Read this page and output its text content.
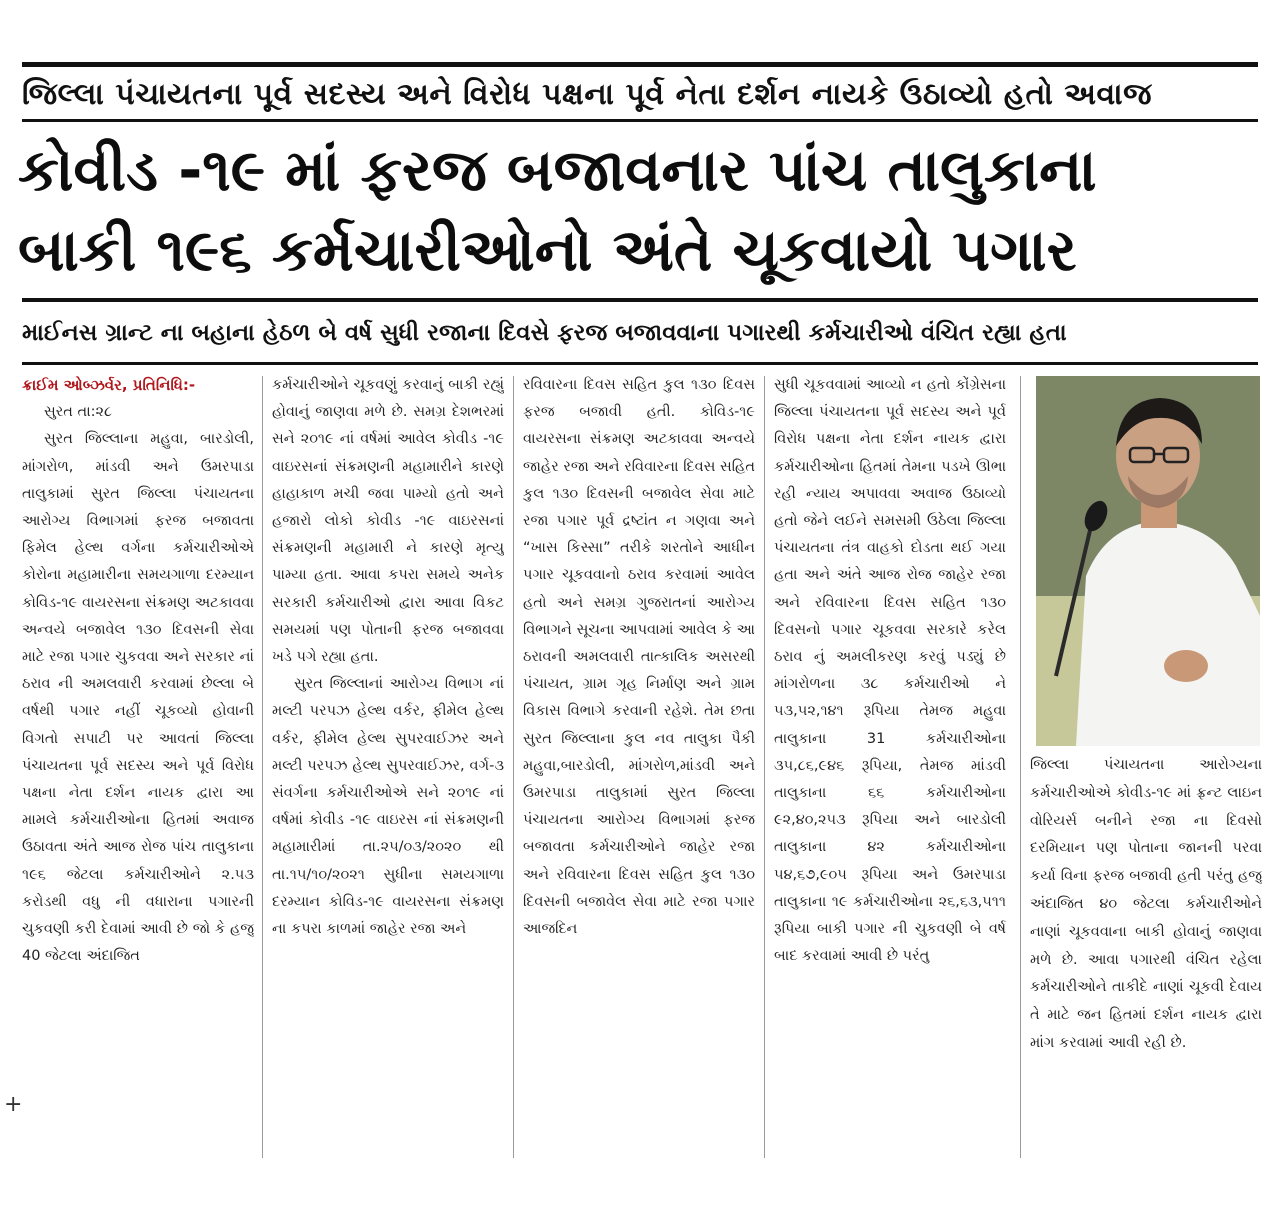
જિલ્લા પંચાયતના પૂર્વ સદસ્ય અને વિરોધ પક્ષના પૂર્વ નેતા દર્શન નાયકે ઉઠાવ્યો હતો અવાજ
કોવીડ -૧૯ માં ફરજ બજાવનાર પાંચ તાલુકાના
બાકી ૧૯૬ કર્મચારીઓનો અંતે ચૂકવાયો પગાર
માઈનસ ગ્રાન્ટ ના બહાના હેઠળ બે વર્ષ સુધી રજાના દિવસે ફરજ બજાવવાના પગારથી કર્મચારીઓ વંચિત રહ્યા હતા

ક્રાઈમ ઓબ્ઝર્વર, પ્રતિનિધિ:-

સુરત તા:૨૮

સુરત જિલ્લાના મહુવા, બારડોલી, માંગરોળ, માંડવી અને ઉમરપાડા તાલુકામાં સુરત જિલ્લા પંચાયતના આરોગ્ય વિભાગમાં ફરજ બજાવતા ફિમેલ હેલ્થ વર્ગના કર્મચારીઓએ કોરોના મહામારીના સમયગાળા દરમ્યાન કોવિડ-૧૯ વાયરસના સંક્રમણ અટકાવવા અન્વયે બજાવેલ ૧૩૦ દિવસની સેવા માટે રજા પગાર ચુકવવા અને સરકાર નાં ઠરાવ ની અમલવારી કરવામાં છેલ્લા બે વર્ષથી પગાર નહીં ચૂકવ્યો હોવાની વિગતો સપાટી પર આવતાં જિલ્લા પંચાયતના પૂર્વ સદસ્ય અને પૂર્વ વિરોધ પક્ષના નેતા દર્શન નાયક દ્વારા આ મામલે કર્મચારીઓના હિતમાં અવાજ ઉઠાવતા અંતે આજ રોજ પાંચ તાલુકાના ૧૯૬ જેટલા કર્મચારીઓને ૨.૫૩ કરોડથી વધુ ની વધારાના પગારની ચુકવણી કરી દેવામાં આવી છે જો કે હજુ 40 જેટલા અંદાજિત

કર્મચારીઓને ચૂકવણું કરવાનું બાકી રહ્યું હોવાનું જાણવા મળે છે. સમગ્ર દેશભરમાં સને ૨૦૧૯ નાં વર્ષમાં આવેલ કોવીડ -૧૯ વાઇરસનાં સંક્રમણની મહામારીને કારણે હાહાકાળ મચી જવા પામ્યો હતો અને હજારો લોકો કોવીડ -૧૯ વાઇરસનાં સંક્રમણની મહામારી ને કારણે મૃત્યુ પામ્યા હતા. આવા કપરા સમયે અનેક સરકારી કર્મચારીઓ દ્વારા આવા વિકટ સમયમાં પણ પોતાની ફરજ બજાવવા ખડે પગે રહ્યા હતા.

સુરત જિલ્લાનાં આરોગ્ય વિભાગ નાં મલ્ટી પરપઝ હેલ્થ વર્કર, ફીમેલ હેલ્થ વર્કર, ફીમેલ હેલ્થ સુપરવાઈઝર અને મલ્ટી પરપઝ હેલ્થ સુપરવાઈઝર, વર્ગ-૩ સંવર્ગના કર્મચારીઓએ સને ૨૦૧૯ નાં વર્ષમાં કોવીડ -૧૯ વાઇરસ નાં સંક્રમણની મહામારીમાં તા.૨૫/૦૩/૨૦૨૦ થી તા.૧૫/૧૦/૨૦૨૧ સુધીના સમયગાળા દરમ્યાન કોવિડ-૧૯ વાયરસના સંક્રમણ ના કપરા કાળમાં જાહેર રજા અને

રવિવારના દિવસ સહિત કુલ ૧૩૦ દિવસ ફરજ બજાવી હતી. કોવિડ-૧૯ વાયરસના સંક્રમણ અટકાવવા અન્વયે જાહેર રજા અને રવિવારના દિવસ સહિત કુલ ૧૩૦ દિવસની બજાવેલ સેવા માટે રજા પગાર પૂર્વ દ્રષ્ટાંત ન ગણવા અને “ખાસ કિસ્સા” તરીકે શરતોને આધીન પગાર ચૂકવવાનો ઠરાવ કરવામાં આવેલ હતો અને સમગ્ર ગુજરાતનાં આરોગ્ય વિભાગને સૂચના આપવામાં આવેલ કે આ ઠરાવની અમલવારી તાત્કાલિક અસરથી પંચાયત, ગ્રામ ગૃહ નિર્માણ અને ગ્રામ વિકાસ વિભાગે કરવાની રહેશે. તેમ છતા સુરત જિલ્લાના કુલ નવ તાલુકા પૈકી મહુવા,બારડોલી, માંગરોળ,માંડવી અને ઉમરપાડા તાલુકામાં સુરત જિલ્લા પંચાયતના આરોગ્ય વિભાગમાં ફરજ બજાવતા કર્મચારીઓને જાહેર રજા અને રવિવારના દિવસ સહિત કુલ ૧૩૦ દિવસની બજાવેલ સેવા માટે રજા પગાર આજદિન

સુધી ચૂકવવામાં આવ્યો ન હતો કોંગ્રેસના જિલ્લા પંચાયતના પૂર્વ સદસ્ય અને પૂર્વ વિરોધ પક્ષના નેતા દર્શન નાયક દ્વારા કર્મચારીઓના હિતમાં તેમના પડખે ઊભા રહી ન્યાય અપાવવા અવાજ ઉઠાવ્યો હતો જેને લઈને સમસમી ઉઠેલા જિલ્લા પંચાયતના તંત્ર વાહકો દોડતા થઈ ગયા હતા અને અંતે આજ રોજ જાહેર રજા અને રવિવારના દિવસ સહિત ૧૩૦ દિવસનો પગાર ચૂકવવા સરકારે કરેલ ઠરાવ નું અમલીકરણ કરવું પડ્યું છે માંગરોળના ૩૮ કર્મચારીઓ ને ૫૩,૫૨,૧૪૧ રૂપિયા તેમજ મહુવા તાલુકાના 31 કર્મચારીઓના ૩૫,૮૬,૯૪૬ રૂપિયા, તેમજ માંડવી તાલુકાના ૬૬ કર્મચારીઓના ૯૨,૪૦,૨૫૩ રૂપિયા અને બારડોલી તાલુકાના ૪૨ કર્મચારીઓના ૫૪,૬૭,૯૦૫ રૂપિયા અને ઉમરપાડા તાલુકાના ૧૯ કર્મચારીઓના ૨૬,૬૩,૫૧૧ રૂપિયા બાકી પગાર ની ચુકવણી બે વર્ષ બાદ કરવામાં આવી છે પરંતુ

જિલ્લા પંચાયતના આરોગ્યના કર્મચારીઓએ કોવીડ-૧૯ માં ફ્રન્ટ લાઇન વોરિયર્સ બનીને રજા ના દિવસો દરમિયાન પણ પોતાના જાનની પરવા કર્યા વિના ફરજ બજાવી હતી પરંતુ હજુ અંદાજિત ૪૦ જેટલા કર્મચારીઓને નાણાં ચૂકવવાના બાકી હોવાનું જાણવા મળે છે. આવા પગારથી વંચિત રહેલા કર્મચારીઓને તાકીદે નાણાં ચૂકવી દેવાય તે માટે જન હિતમાં દર્શન નાયક દ્વારા માંગ કરવામાં આવી રહી છે.
+
